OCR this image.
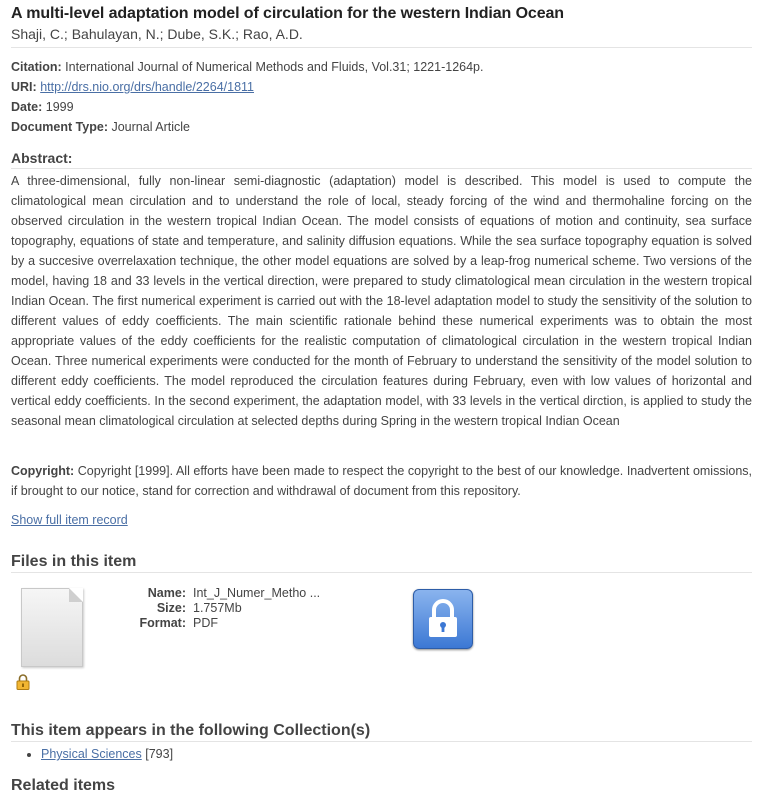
A multi-level adaptation model of circulation for the western Indian Ocean
Shaji, C.; Bahulayan, N.; Dube, S.K.; Rao, A.D.
Citation: International Journal of Numerical Methods and Fluids, Vol.31; 1221-1264p.
URI: http://drs.nio.org/drs/handle/2264/1811
Date: 1999
Document Type: Journal Article
Abstract:

A three-dimensional, fully non-linear semi-diagnostic (adaptation) model is described. This model is used to compute the climatological mean circulation and to understand the role of local, steady forcing of the wind and thermohaline forcing on the observed circulation in the western tropical Indian Ocean. The model consists of equations of motion and continuity, sea surface topography, equations of state and temperature, and salinity diffusion equations. While the sea surface topography equation is solved by a succesive overrelaxation technique, the other model equations are solved by a leap-frog numerical scheme. Two versions of the model, having 18 and 33 levels in the vertical direction, were prepared to study climatological mean circulation in the western tropical Indian Ocean. The first numerical experiment is carried out with the 18-level adaptation model to study the sensitivity of the solution to different values of eddy coefficients. The main scientific rationale behind these numerical experiments was to obtain the most appropriate values of the eddy coefficients for the realistic computation of climatological circulation in the western tropical Indian Ocean. Three numerical experiments were conducted for the month of February to understand the sensitivity of the model solution to different eddy coefficients. The model reproduced the circulation features during February, even with low values of horizontal and vertical eddy coefficients. In the second experiment, the adaptation model, with 33 levels in the vertical dirction, is applied to study the seasonal mean climatological circulation at selected depths during Spring in the western tropical Indian Ocean

Copyright: Copyright [1999]. All efforts have been made to respect the copyright to the best of our knowledge. Inadvertent omissions, if brought to our notice, stand for correction and withdrawal of document from this repository.

Show full item record
Files in this item
Name: Int_J_Numer_Metho ...
Size: 1.757Mb
Format: PDF
This item appears in the following Collection(s)
• Physical Sciences [793]
Related items
